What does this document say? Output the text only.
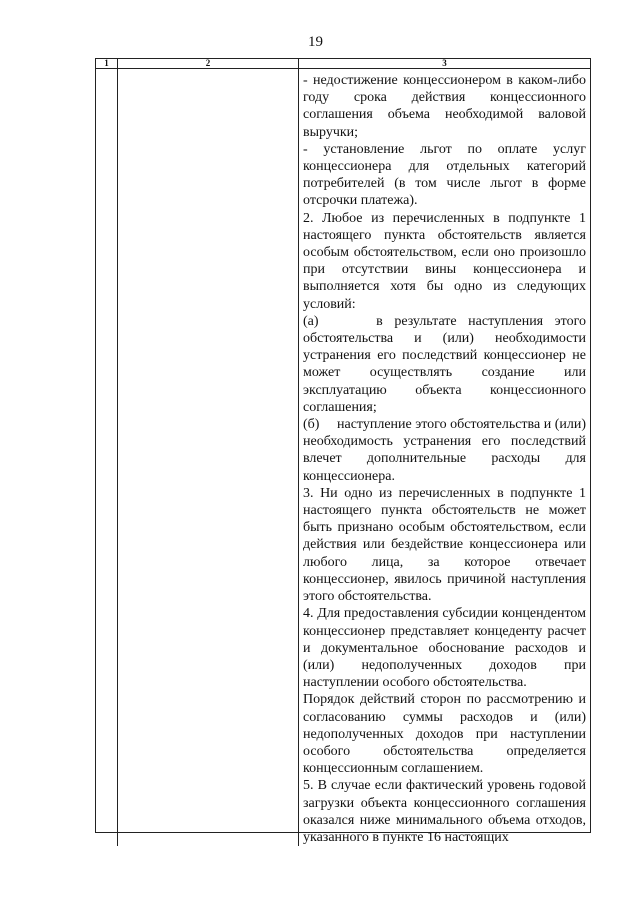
19
1	2	3

- недостижение концессионером в каком-либо году срока действия концессионного соглашения объема необходимой валовой выручки;

- установление льгот по оплате услуг концессионера для отдельных категорий потребителей (в том числе льгот в форме отсрочки платежа).

2. Любое из перечисленных в подпункте 1 настоящего пункта обстоятельств является особым обстоятельством, если оно произошло при отсутствии вины концессионера и выполняется хотя бы одно из следующих условий:

(а)     в результате наступления этого обстоятельства и (или) необходимости устранения его последствий концессионер не может осуществлять создание или эксплуатацию объекта концессионного соглашения;

(б)     наступление этого обстоятельства и (или) необходимость устранения его последствий влечет дополнительные расходы для концессионера.

3. Ни одно из перечисленных в подпункте 1 настоящего пункта обстоятельств не может быть признано особым обстоятельством, если действия или бездействие концессионера или любого лица, за которое отвечает концессионер, явилось причиной наступления этого обстоятельства.

4. Для предоставления субсидии концендентом концессионер представляет концеденту расчет и документальное обоснование расходов и (или) недополученных доходов при наступлении особого обстоятельства.

Порядок действий сторон по рассмотрению и согласованию суммы расходов и (или) недополученных доходов при наступлении особого обстоятельства определяется концессионным соглашением.

5. В случае если фактический уровень годовой загрузки объекта концессионного соглашения оказался ниже минимального объема отходов, указанного в пункте 16 настоящих
